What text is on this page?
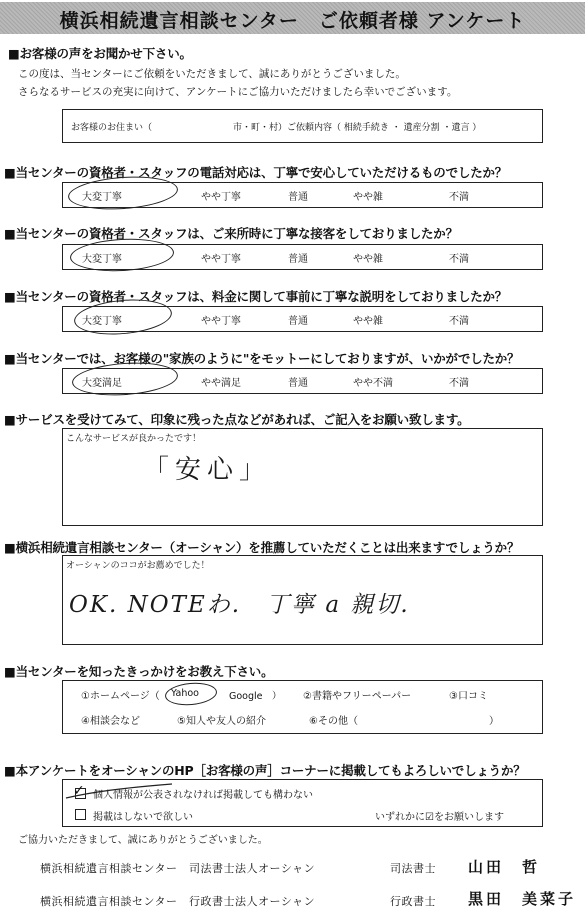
横浜相続遺言相談センター　ご依頼者様 アンケート
■お客様の声をお聞かせ下さい。
この度は、当センターにご依頼をいただきまして、誠にありがとうございました。
さらなるサービスの充実に向けて、アンケートにご協力いただけましたら幸いでございます。
お客様のお住まい（	市・町・村）ご依頼内容（ 相続手続き ・ 遺産分割 ・遺言 ）
■当センターの資格者・スタッフの電話対応は、丁寧で安心していただけるものでしたか？
大変丁寧	やや丁寧	普通	やや雑	不満
■当センターの資格者・スタッフは、ご来所時に丁寧な接客をしておりましたか？
大変丁寧	やや丁寧	普通	やや雑	不満
■当センターの資格者・スタッフは、料金に関して事前に丁寧な説明をしておりましたか？
大変丁寧	やや丁寧	普通	やや雑	不満
■当センターでは、お客様の"家族のように"をモットーにしておりますが、いかがでしたか？
大変満足	やや満足	普通	やや不満	不満
■サービスを受けてみて、印象に残った点などがあれば、ご記入をお願い致します。
こんなサービスが良かったです！
「安心」
■横浜相続遺言相談センター（オーシャン）を推薦していただくことは出来ますでしょうか？
オーシャンのココがお薦めでした！
OK. NOTEわ.　丁寧 a 親切.
■当センターを知ったきっかけをお教え下さい。
①ホームページ（ Yahoo	Google　） ②書籍やフリーペーパー	③口コミ
④相談会など	⑤知人や友人の紹介	⑥その他（	）
■本アンケートをオーシャンのHP［お客様の声］コーナーに掲載してもよろしいでしょうか？
✓ 個人情報が公表されなければ掲載しても構わない
掲載はしないで欲しい	いずれかに☑をお願いします
ご協力いただきまして、誠にありがとうございました。
横浜相続遺言相談センター　司法書士法人オーシャン	司法書士 山田　哲
横浜相続遺言相談センター　行政書士法人オーシャン	行政書士 黒田　美菜子
